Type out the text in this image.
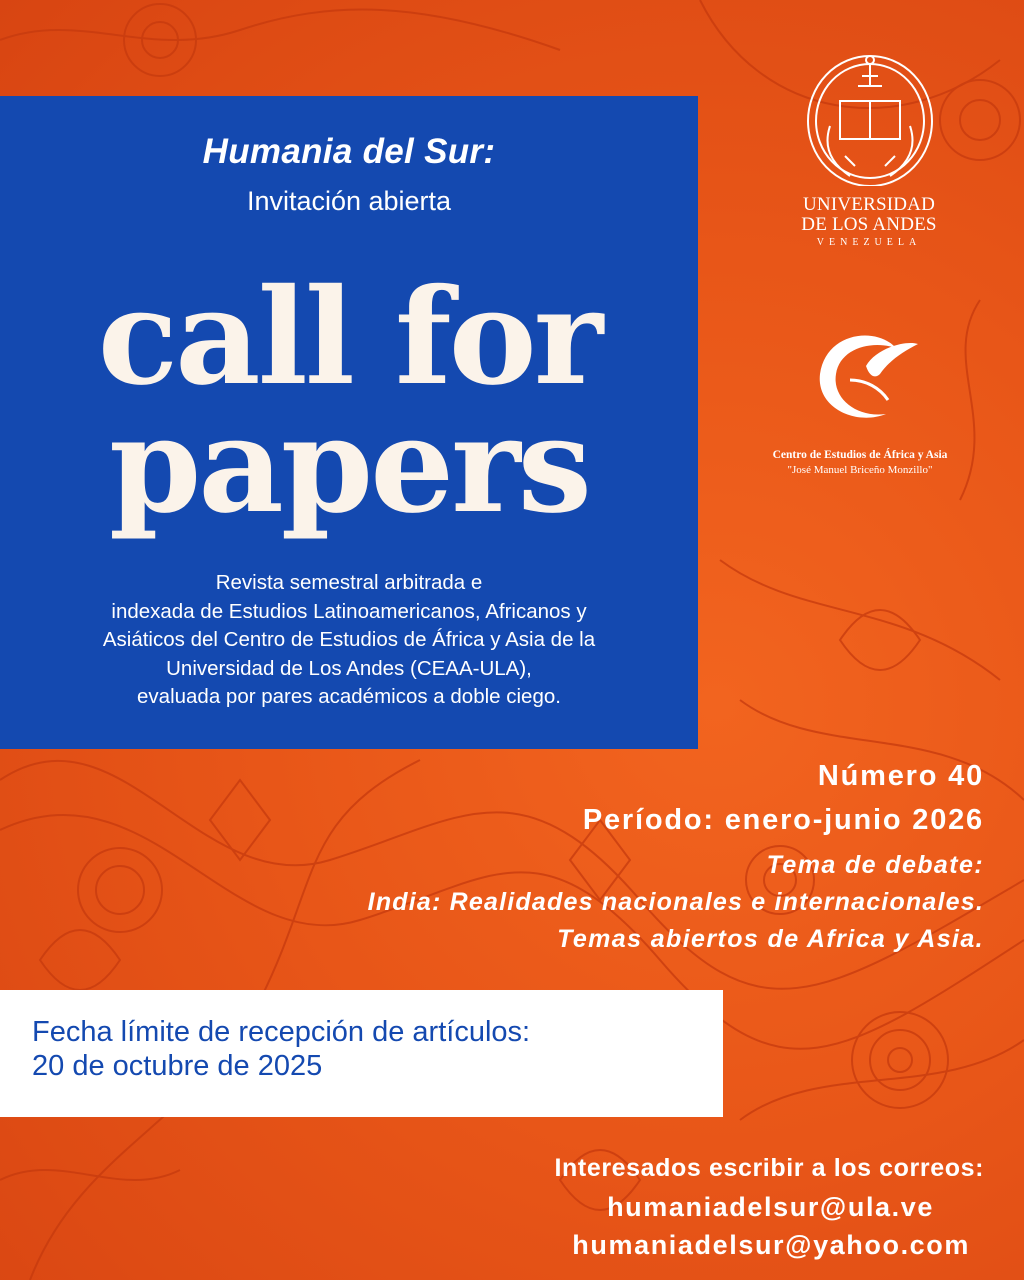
Humania del Sur:
Invitación abierta
call for
papers
Revista semestral arbitrada e
indexada de Estudios Latinoamericanos, Africanos y
Asiáticos del Centro de Estudios de África y Asia de la
Universidad de Los Andes (CEAA-ULA),
evaluada por pares académicos a doble ciego.
UNIVERSIDAD
DE LOS ANDES
VENEZUELA
Centro de Estudios de África y Asia
"José Manuel Briceño Monzillo"
Número 40
Período: enero-junio 2026
Tema de debate:
India: Realidades nacionales e internacionales.
Temas abiertos de Africa y Asia.
Fecha límite de recepción de artículos:
20 de octubre de 2025
Interesados escribir a los correos:
humaniadelsur@ula.ve
humaniadelsur@yahoo.com
